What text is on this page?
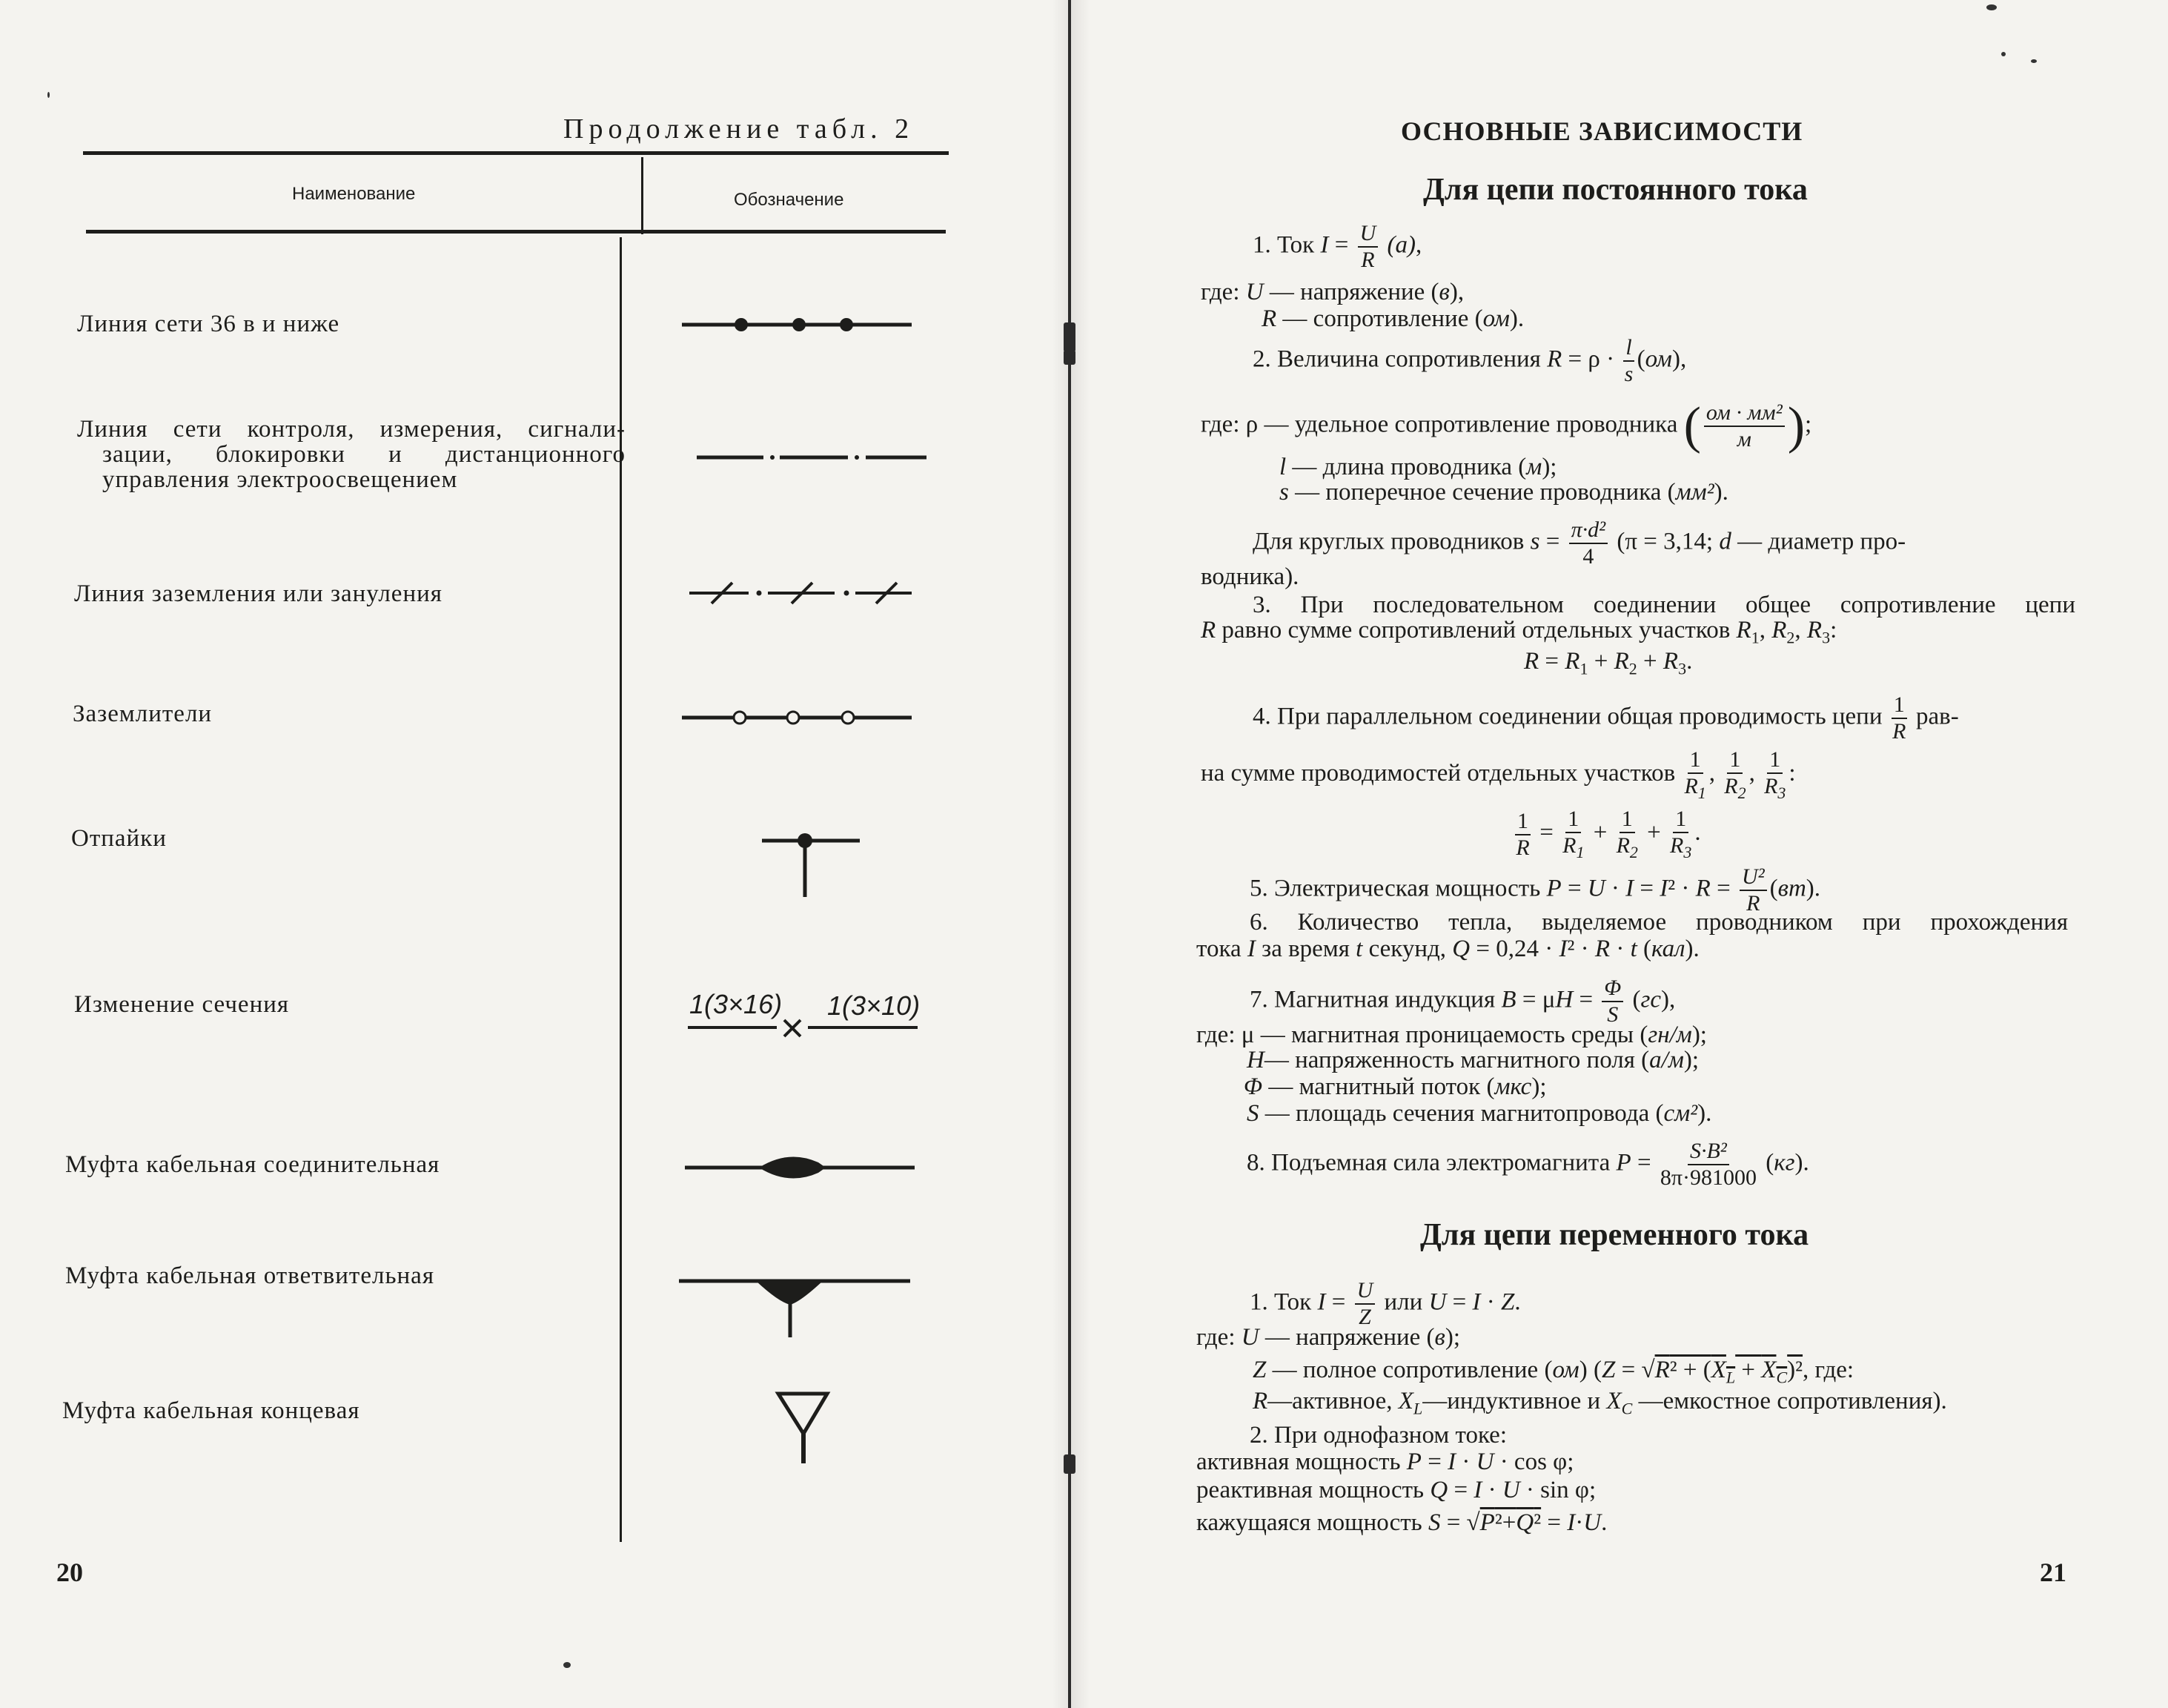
Продолжение табл. 2
Наименование	Обозначение
Линия сети 36 в и ниже
Линия сети контроля, измерения, сигнали-
зации, блокировки и дистанционного
управления электроосвещением
Линия заземления или зануления
Заземлители
Отпайки
Изменение сечения
Муфта кабельная соединительная
Муфта кабельная ответвительная
Муфта кабельная концевая
1(3×16) 1(3×10)
20
ОСНОВНЫЕ ЗАВИСИМОСТИ
Для цепи постоянного тока
1. Ток $I = \frac{U}{R} (а)$,
где: U — напряжение (в),
R — сопротивление (ом).
2. Величина сопротивления $R = \rho \cdot \frac{l}{s} (ом)$,
где: ρ — удельное сопротивление проводника ( $\frac{\text{ом · мм²}}{м}$ );
l — длина проводника (м);
s — поперечное сечение проводника (мм²).
Для круглых проводников $s = \frac{\text{π·d²}}{4} (\pi = 3,14$; d — диаметр про-
водника).
3. При последовательном соединении общее сопротивление цепи
R равно сумме сопротивлений отдельных участков $R_1$, $R_2$, $R_3$:
$R = R_1 + R_2 + R_3$.
4. При параллельном соединении общая проводимость цепи $\frac{1}{R} рав-$
на сумме проводимостей отдельных участков $\frac{1}{R_1}$ , $\frac{1}{R_2}$ , $\frac{1}{R_3}$ :
$\frac{1}{R} = \frac{1}{R_1} + \frac{1}{R_2} + \frac{1}{R_3}$ .
5. Электрическая мощность $P = U \cdot I = I^2 \cdot R = \frac{\text{U²}}{R} (вт)$.
6. Количество тепла, выделяемое проводником при прохождения
тока I за время t секунд, Q = 0,24 · I² · R · t (кал).
7. Магнитная индукция $B = \mu H = \frac{\Phi}{S} (гс)$,
где: μ — магнитная проницаемость среды (гн/м);
H— напряженность магнитного поля (а/м);
Φ — магнитный поток (мкс);
S — площадь сечения магнитопровода (см²).
8. Подъемная сила электромагнита $P = \frac{\text{S·B²}}{8\pi\cdot 981000} (кг)$.
Для цепи переменного тока
1. Ток $I = \frac{U}{Z}$ или U = I · Z.
где: U — напряжение (в);
Z — полное сопротивление (ом) ($Z = √R^2 + (X_L + X_C)^2$, где:
R—активное, $X_L—индуктивное$ и $X_C$ —емкостное сопротивления).
2. При однофазном токе:
активная мощность P = I · U · cos φ;
реактивная мощность Q = I · U · sin φ;
кажущаяся мощность S = √P²+Q² = I·U.
21
